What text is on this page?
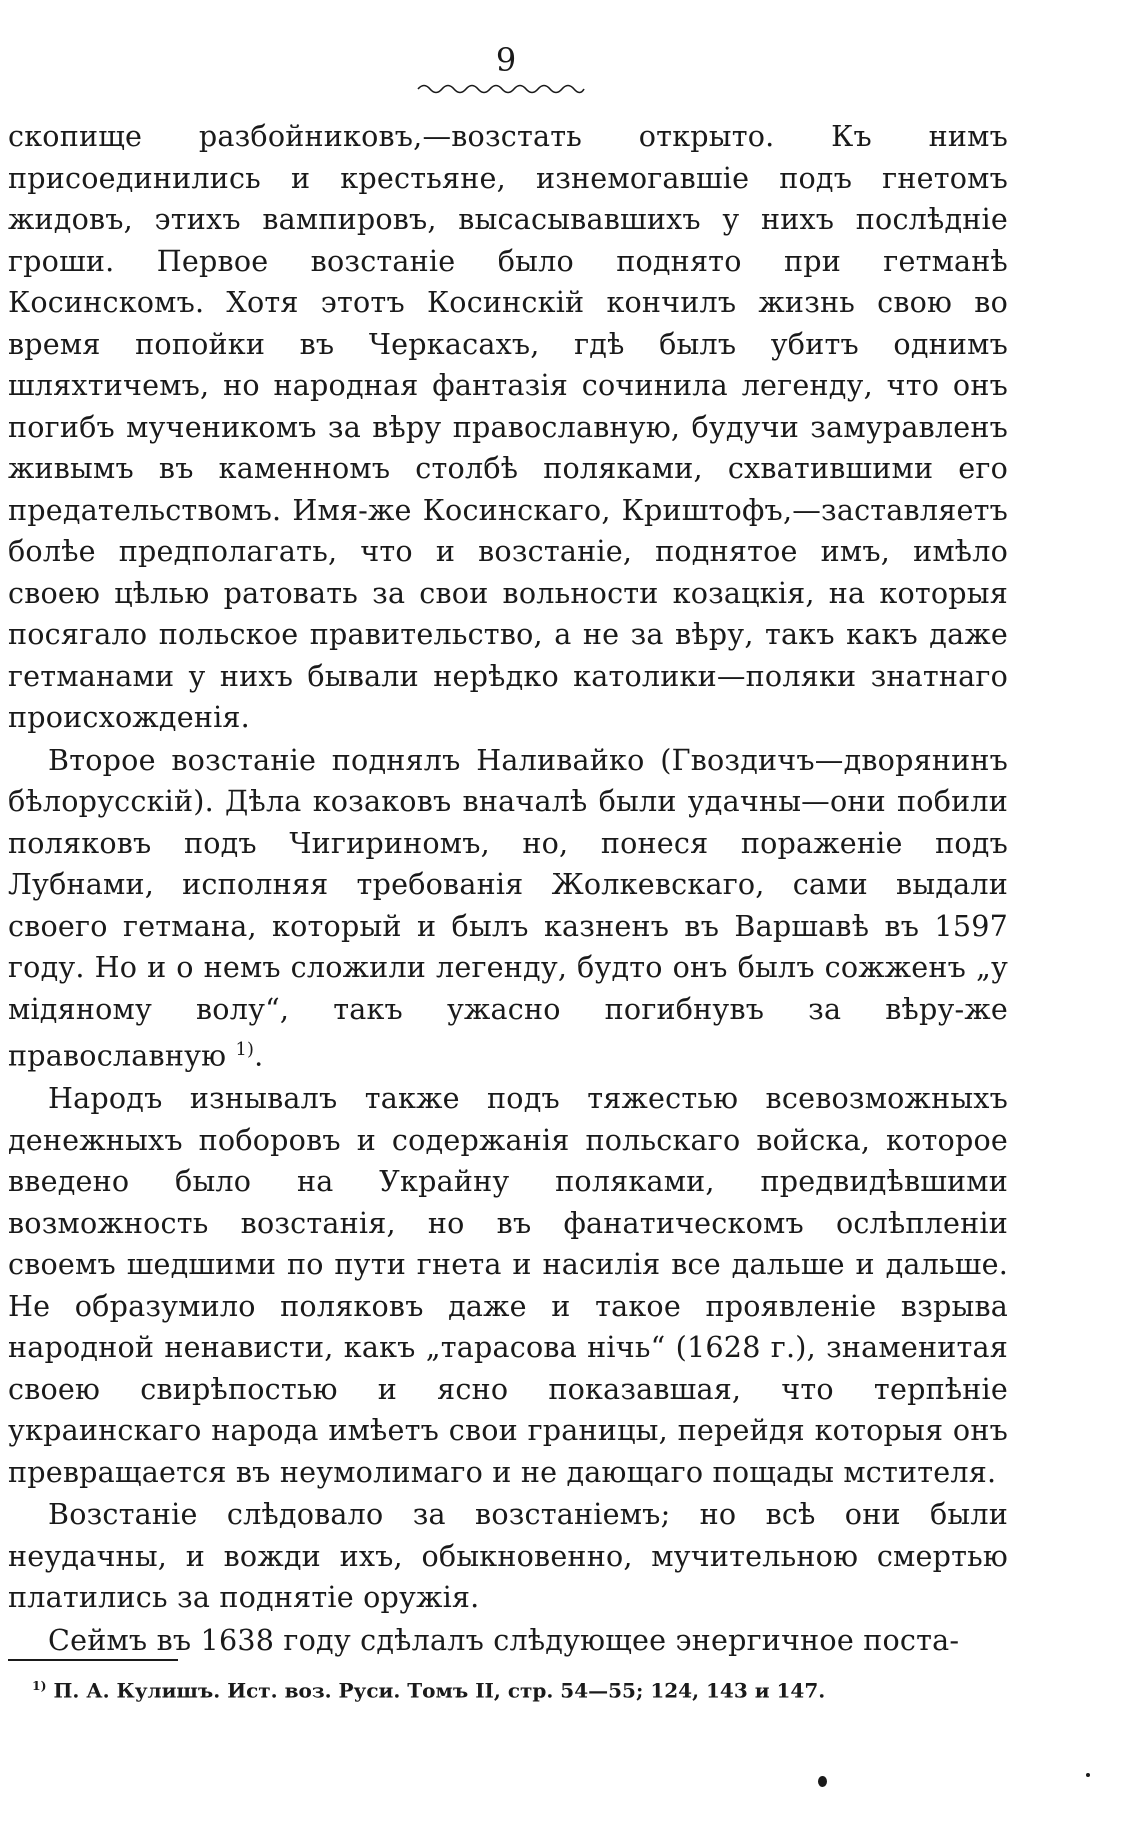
9

скопище разбойниковъ,—возстать открыто. Къ нимъ присоединились и крестьяне, изнемогавшіе подъ гнетомъ жидовъ, этихъ вампировъ, высасывавшихъ у нихъ послѣдніе гроши. Первое возстаніе было поднято при гетманѣ Косинскомъ. Хотя этотъ Косинскій кончилъ жизнь свою во время попойки въ Черкасахъ, гдѣ былъ убитъ однимъ шляхтичемъ, но народная фантазія сочинила легенду, что онъ погибъ мученикомъ за вѣру православную, будучи замуравленъ живымъ въ каменномъ столбѣ поляками, схватившими его предательствомъ. Имя-же Косинскаго, Криштофъ,—заставляетъ болѣе предполагать, что и возстаніе, поднятое имъ, имѣло своею цѣлью ратовать за свои вольности козацкія, на которыя посягало польское правительство, а не за вѣру, такъ какъ даже гетманами у нихъ бывали нерѣдко католики—поляки знатнаго происхожденія.

Второе возстаніе поднялъ Наливайко (Гвоздичъ—дворянинъ бѣлорусскій). Дѣла козаковъ вначалѣ были удачны—они побили поляковъ подъ Чигириномъ, но, понеся пораженіе подъ Лубнами, исполняя требованія Жолкевскаго, сами выдали своего гетмана, который и былъ казненъ въ Варшавѣ въ 1597 году. Но и о немъ сложили легенду, будто онъ былъ сожженъ „у мідяному волу“, такъ ужасно погибнувъ за вѣру-же православную $^{1)}$.

Народъ изнывалъ также подъ тяжестью всевозможныхъ денежныхъ поборовъ и содержанія польскаго войска, которое введено было на Украйну поляками, предвидѣвшими возможность возстанія, но въ фанатическомъ ослѣпленіи своемъ шедшими по пути гнета и насилія все дальше и дальше. Не образумило поляковъ даже и такое проявленіе взрыва народной ненависти, какъ „тарасова нічь“ (1628 г.), знаменитая своею свирѣпостью и ясно показавшая, что терпѣніе украинскаго народа имѣетъ свои границы, перейдя которыя онъ превращается въ неумолимаго и не дающаго пощады мстителя.

Возстаніе слѣдовало за возстаніемъ; но всѣ они были неудачны, и вожди ихъ, обыкновенно, мучительною смертью платились за поднятіе оружія.

Сеймъ въ 1638 году сдѣлалъ слѣдующее энергичное поста-

$^{1)}$ П. А. Кулишъ. Ист. воз. Руси. Томъ II, стр. 54—55; 124, 143 и 147.
